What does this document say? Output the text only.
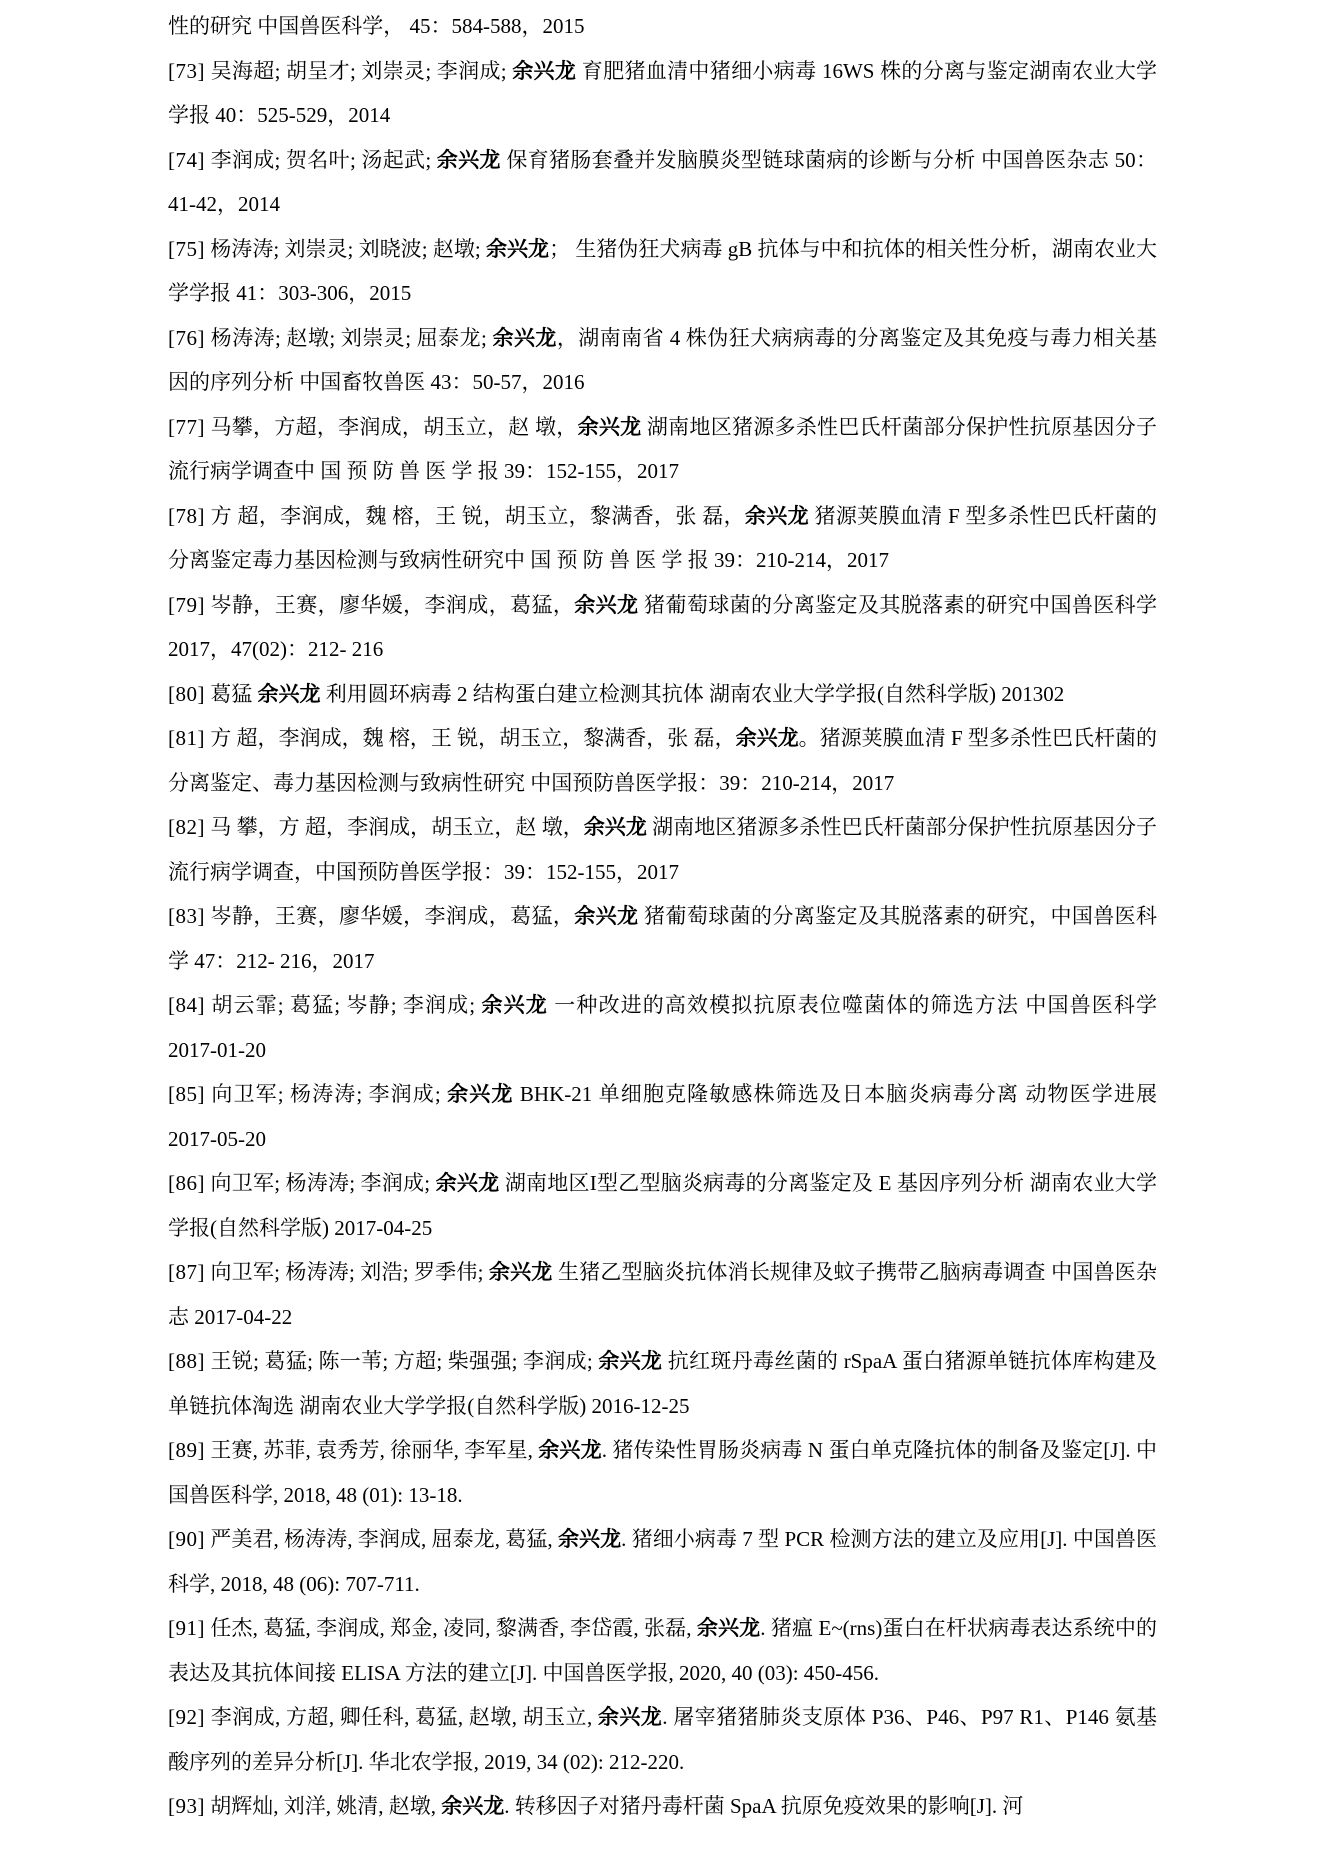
性的研究 中国兽医科学， 45：584-588，2015

[73] 吴海超; 胡呈才; 刘崇灵; 李润成; 余兴龙 育肥猪血清中猪细小病毒 16WS 株的分离与鉴定湖南农业大学学报 40：525-529，2014

[74] 李润成; 贺名叶; 汤起武; 余兴龙 保育猪肠套叠并发脑膜炎型链球菌病的诊断与分析 中国兽医杂志 50：41-42，2014

[75] 杨涛涛; 刘崇灵; 刘晓波; 赵墩; 余兴龙； 生猪伪狂犬病毒 gB 抗体与中和抗体的相关性分析，湖南农业大学学报 41：303-306，2015

[76] 杨涛涛; 赵墩; 刘崇灵; 屈泰龙; 余兴龙，湖南南省 4 株伪狂犬病病毒的分离鉴定及其免疫与毒力相关基因的序列分析 中国畜牧兽医 43：50-57，2016

[77] 马攀，方超，李润成，胡玉立，赵 墩，余兴龙 湖南地区猪源多杀性巴氏杆菌部分保护性抗原基因分子流行病学调查中 国 预 防 兽 医 学 报 39：152-155，2017

[78] 方 超，李润成，魏 榕，王 锐，胡玉立，黎满香，张 磊，余兴龙 猪源荚膜血清 F 型多杀性巴氏杆菌的分离鉴定毒力基因检测与致病性研究中 国 预 防 兽 医 学 报 39：210-214，2017

[79] 岑静，王赛，廖华媛，李润成，葛猛，余兴龙 猪葡萄球菌的分离鉴定及其脱落素的研究中国兽医科学 2017，47(02)：212- 216

[80] 葛猛 余兴龙 利用圆环病毒 2 结构蛋白建立检测其抗体 湖南农业大学学报(自然科学版) 201302

[81] 方 超，李润成，魏 榕，王 锐，胡玉立，黎满香，张 磊，余兴龙。猪源荚膜血清 F 型多杀性巴氏杆菌的分离鉴定、毒力基因检测与致病性研究 中国预防兽医学报：39：210-214，2017

[82] 马 攀，方 超，李润成，胡玉立，赵 墩，余兴龙 湖南地区猪源多杀性巴氏杆菌部分保护性抗原基因分子流行病学调查，中国预防兽医学报：39：152-155，2017

[83] 岑静，王赛，廖华媛，李润成，葛猛，余兴龙 猪葡萄球菌的分离鉴定及其脱落素的研究，中国兽医科学 47：212- 216，2017

[84] 胡云霏; 葛猛; 岑静; 李润成; 余兴龙 一种改进的高效模拟抗原表位噬菌体的筛选方法 中国兽医科学 2017-01-20

[85] 向卫军; 杨涛涛; 李润成; 余兴龙 BHK-21 单细胞克隆敏感株筛选及日本脑炎病毒分离 动物医学进展 2017-05-20

[86] 向卫军; 杨涛涛; 李润成; 余兴龙 湖南地区I型乙型脑炎病毒的分离鉴定及 E 基因序列分析 湖南农业大学学报(自然科学版) 2017-04-25

[87] 向卫军; 杨涛涛; 刘浩; 罗季伟; 余兴龙 生猪乙型脑炎抗体消长规律及蚊子携带乙脑病毒调查 中国兽医杂志 2017-04-22

[88] 王锐; 葛猛; 陈一苇; 方超; 柴强强; 李润成; 余兴龙 抗红斑丹毒丝菌的 rSpaA 蛋白猪源单链抗体库构建及单链抗体淘选 湖南农业大学学报(自然科学版) 2016-12-25

[89] 王赛, 苏菲, 袁秀芳, 徐丽华, 李军星, 余兴龙. 猪传染性胃肠炎病毒 N 蛋白单克隆抗体的制备及鉴定[J]. 中国兽医科学, 2018, 48 (01): 13-18.

[90] 严美君, 杨涛涛, 李润成, 屈泰龙, 葛猛, 余兴龙. 猪细小病毒 7 型 PCR 检测方法的建立及应用[J]. 中国兽医科学, 2018, 48 (06): 707-711.

[91] 任杰, 葛猛, 李润成, 郑金, 凌同, 黎满香, 李岱霞, 张磊, 余兴龙. 猪瘟 E~(rns)蛋白在杆状病毒表达系统中的表达及其抗体间接 ELISA 方法的建立[J]. 中国兽医学报, 2020, 40 (03): 450-456.

[92] 李润成, 方超, 卿任科, 葛猛, 赵墩, 胡玉立, 余兴龙. 屠宰猪猪肺炎支原体 P36、P46、P97 R1、P146 氨基酸序列的差异分析[J]. 华北农学报, 2019, 34 (02): 212-220.

[93] 胡辉灿, 刘洋, 姚清, 赵墩, 余兴龙. 转移因子对猪丹毒杆菌 SpaA 抗原免疫效果的影响[J]. 河
